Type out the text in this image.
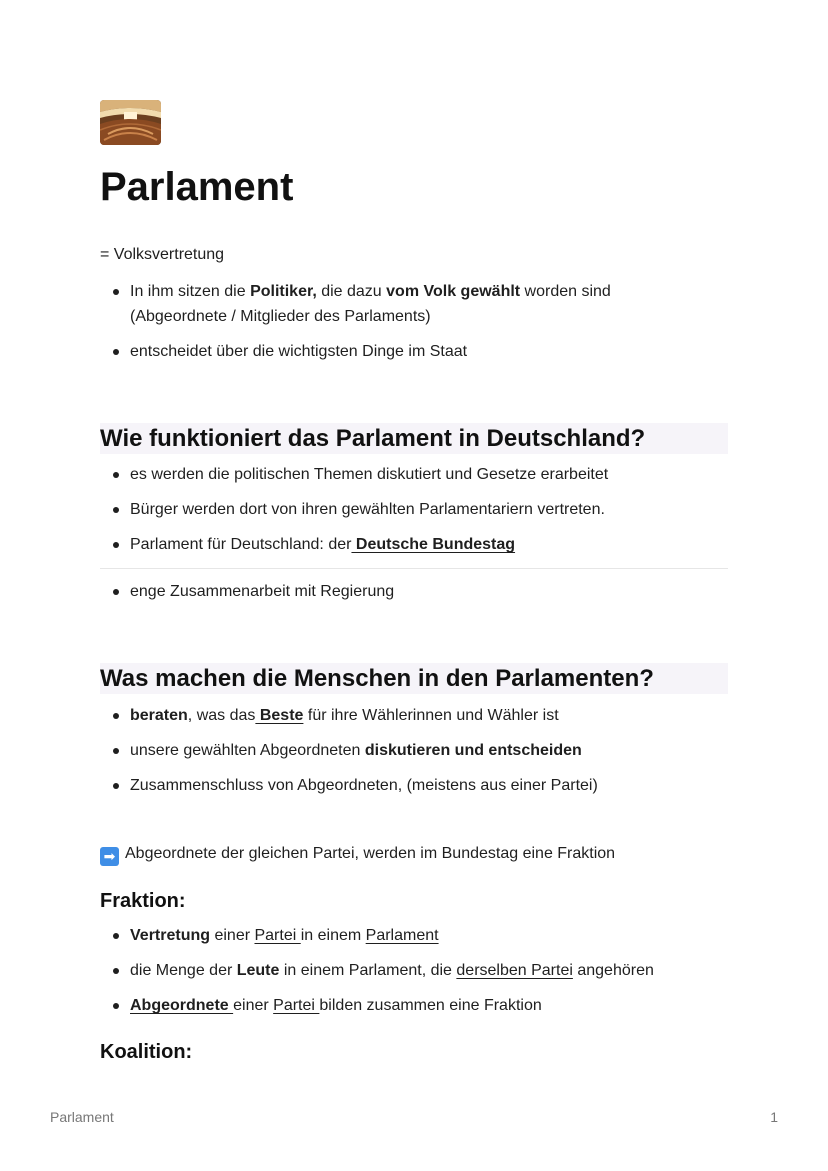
Parlament
= Volksvertretung
In ihm sitzen die Politiker, die dazu vom Volk gewählt worden sind
(Abgeordnete / Mitglieder des Parlaments)
entscheidet über die wichtigsten Dinge im Staat
Wie funktioniert das Parlament in Deutschland?
es werden die politischen Themen diskutiert und Gesetze erarbeitet
Bürger werden dort von ihren gewählten Parlamentariern vertreten.
Parlament für Deutschland: der Deutsche Bundestag
enge Zusammenarbeit mit Regierung
Was machen die Menschen in den Parlamenten?
beraten, was das Beste für ihre Wählerinnen und Wähler ist
unsere gewählten Abgeordneten diskutieren und entscheiden
Zusammenschluss von Abgeordneten, (meistens aus einer Partei)
➡ Abgeordnete der gleichen Partei, werden im Bundestag eine Fraktion
Fraktion:
Vertretung einer Partei in einem Parlament
die Menge der Leute in einem Parlament, die derselben Partei angehören
Abgeordnete einer Partei bilden zusammen eine Fraktion
Koalition:
Parlament	1
